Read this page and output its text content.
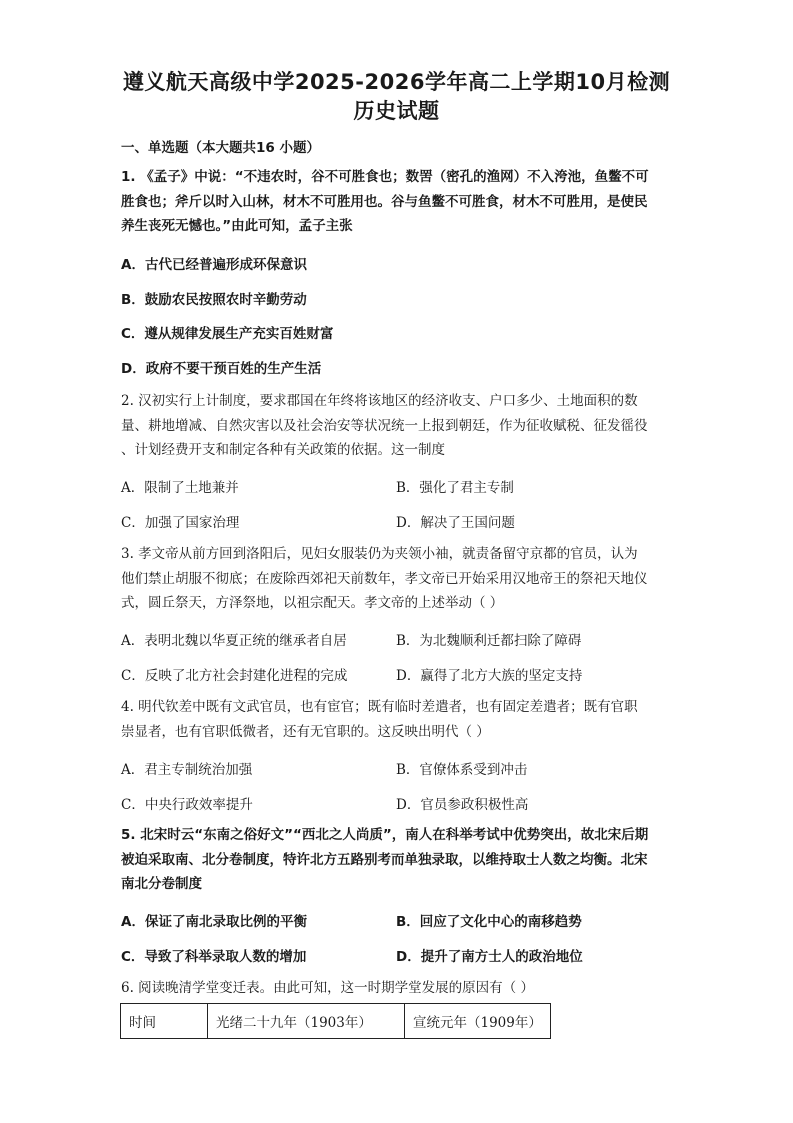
遵义航天高级中学2025-2026学年高二上学期10月检测
历史试题
一、单选题（本大题共16 小题）
1. 《孟子》中说：“不违农时，谷不可胜食也；数罟（密孔的渔网）不入洿池，鱼鳖不可
胜食也；斧斤以时入山林，材木不可胜用也。谷与鱼鳖不可胜食，材木不可胜用，是使民
养生丧死无憾也。”由此可知，孟子主张
A．古代已经普遍形成环保意识
B．鼓励农民按照农时辛勤劳动
C．遵从规律发展生产充实百姓财富
D．政府不要干预百姓的生产生活
2. 汉初实行上计制度，要求郡国在年终将该地区的经济收支、户口多少、土地面积的数
量、耕地增减、自然灾害以及社会治安等状况统一上报到朝廷，作为征收赋税、征发徭役
、计划经费开支和制定各种有关政策的依据。这一制度
A．限制了土地兼并	B．强化了君主专制
C．加强了国家治理	D．解决了王国问题
3. 孝文帝从前方回到洛阳后，见妇女服装仍为夹领小袖，就责备留守京都的官员，认为
他们禁止胡服不彻底；在废除西郊祀天前数年，孝文帝已开始采用汉地帝王的祭祀天地仪
式，圆丘祭天，方泽祭地，以祖宗配天。孝文帝的上述举动（ ）
A．表明北魏以华夏正统的继承者自居	B．为北魏顺利迁都扫除了障碍
C．反映了北方社会封建化进程的完成	D．赢得了北方大族的坚定支持
4. 明代钦差中既有文武官员，也有宦官；既有临时差遣者，也有固定差遣者；既有官职
崇显者，也有官职低微者，还有无官职的。这反映出明代（ ）
A．君主专制统治加强	B．官僚体系受到冲击
C．中央行政效率提升	D．官员参政积极性高
5. 北宋时云“东南之俗好文”“西北之人尚质”，南人在科举考试中优势突出，故北宋后期
被迫采取南、北分卷制度，特许北方五路别考而单独录取，以维持取士人数之均衡。北宋
南北分卷制度
A．保证了南北录取比例的平衡	B．回应了文化中心的南移趋势
C．导致了科举录取人数的增加	D．提升了南方士人的政治地位
6. 阅读晚清学堂变迁表。由此可知，这一时期学堂发展的原因有（ ）
时间	光绪二十九年（1903年）	宣统元年（1909年）
